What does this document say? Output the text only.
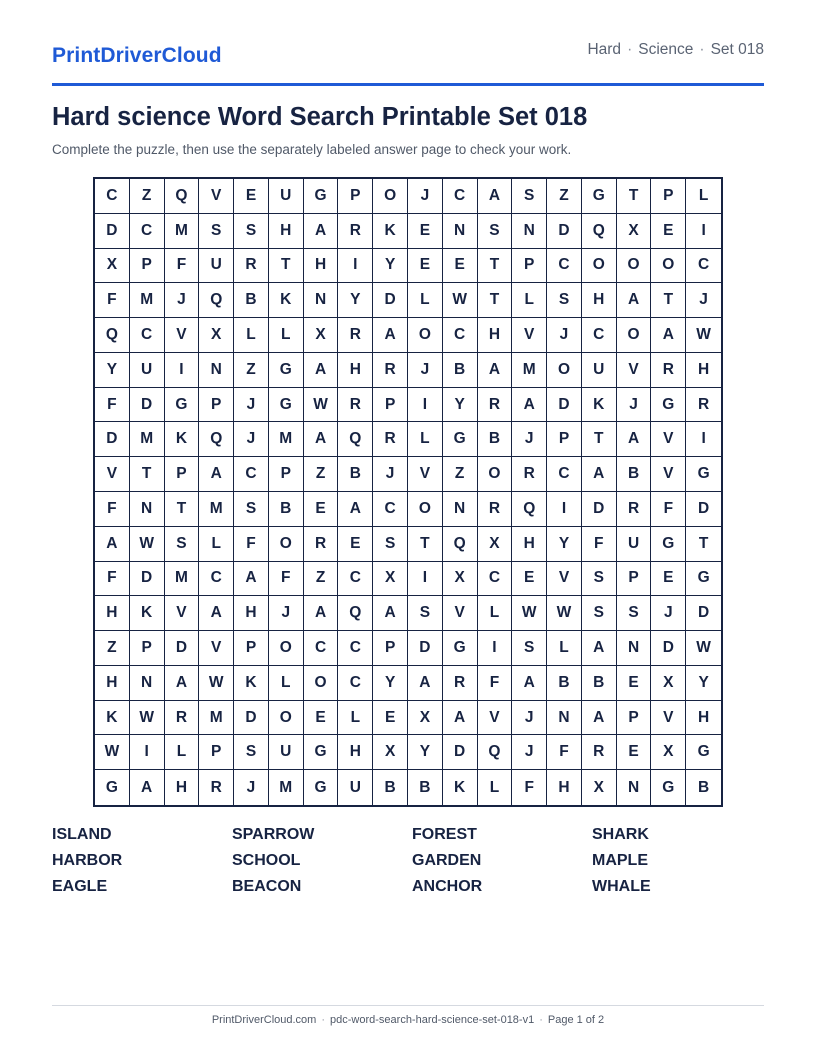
PrintDriverCloud	Hard · Science · Set 018
Hard science Word Search Printable Set 018

Complete the puzzle, then use the separately labeled answer page to check your work.

C	Z	Q	V	E	U	G	P	O	J	C	A	S	Z	G	T	P	L
D	C	M	S	S	H	A	R	K	E	N	S	N	D	Q	X	E	I
X	P	F	U	R	T	H	I	Y	E	E	T	P	C	O	O	O	C
F	M	J	Q	B	K	N	Y	D	L	W	T	L	S	H	A	T	J
Q	C	V	X	L	L	X	R	A	O	C	H	V	J	C	O	A	W
Y	U	I	N	Z	G	A	H	R	J	B	A	M	O	U	V	R	H
F	D	G	P	J	G	W	R	P	I	Y	R	A	D	K	J	G	R
D	M	K	Q	J	M	A	Q	R	L	G	B	J	P	T	A	V	I
V	T	P	A	C	P	Z	B	J	V	Z	O	R	C	A	B	V	G
F	N	T	M	S	B	E	A	C	O	N	R	Q	I	D	R	F	D
A	W	S	L	F	O	R	E	S	T	Q	X	H	Y	F	U	G	T
F	D	M	C	A	F	Z	C	X	I	X	C	E	V	S	P	E	G
H	K	V	A	H	J	A	Q	A	S	V	L	W	W	S	S	J	D
Z	P	D	V	P	O	C	C	P	D	G	I	S	L	A	N	D	W
H	N	A	W	K	L	O	C	Y	A	R	F	A	B	B	E	X	Y
K	W	R	M	D	O	E	L	E	X	A	V	J	N	A	P	V	H
W	I	L	P	S	U	G	H	X	Y	D	Q	J	F	R	E	X	G
G	A	H	R	J	M	G	U	B	B	K	L	F	H	X	N	G	B
ISLAND	SPARROW	FOREST	SHARK
HARBOR	SCHOOL	GARDEN	MAPLE
EAGLE	BEACON	ANCHOR	WHALE
PrintDriverCloud.com · pdc-word-search-hard-science-set-018-v1 · Page 1 of 2
